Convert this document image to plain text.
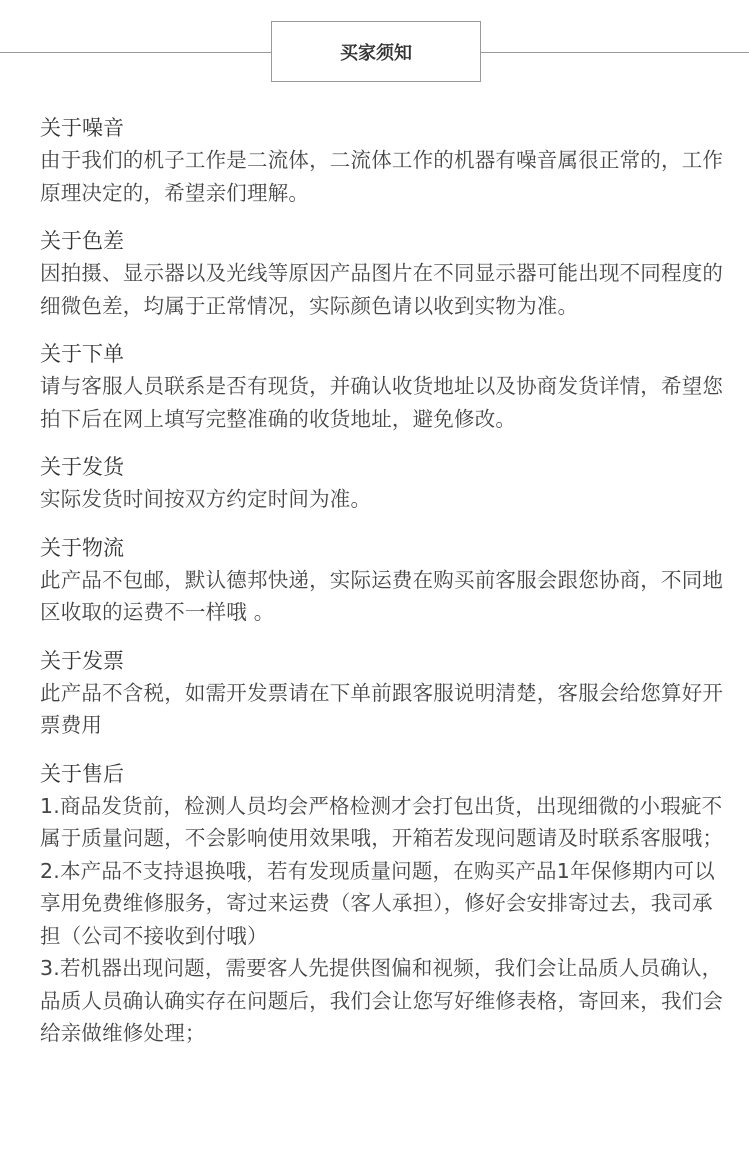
买家须知
关于噪音
由于我们的机子工作是二流体，二流体工作的机器有噪音属很正常的，工作原理决定的，希望亲们理解。
关于色差
因拍摄、显示器以及光线等原因产品图片在不同显示器可能出现不同程度的细微色差，均属于正常情况，实际颜色请以收到实物为准。
关于下单
请与客服人员联系是否有现货，并确认收货地址以及协商发货详情，希望您拍下后在网上填写完整准确的收货地址，避免修改。
关于发货
实际发货时间按双方约定时间为准。
关于物流
此产品不包邮，默认德邦快递，实际运费在购买前客服会跟您协商，不同地区收取的运费不一样哦 。
关于发票
此产品不含税，如需开发票请在下单前跟客服说明清楚，客服会给您算好开票费用
关于售后
1.商品发货前，检测人员均会严格检测才会打包出货，出现细微的小瑕疵不属于质量问题，不会影响使用效果哦，开箱若发现问题请及时联系客服哦；
2.本产品不支持退换哦，若有发现质量问题，在购买产品1年保修期内可以享用免费维修服务，寄过来运费（客人承担），修好会安排寄过去，我司承担（公司不接收到付哦）
3.若机器出现问题，需要客人先提供图偏和视频，我们会让品质人员确认，品质人员确认确实存在问题后，我们会让您写好维修表格，寄回来，我们会给亲做维修处理；
